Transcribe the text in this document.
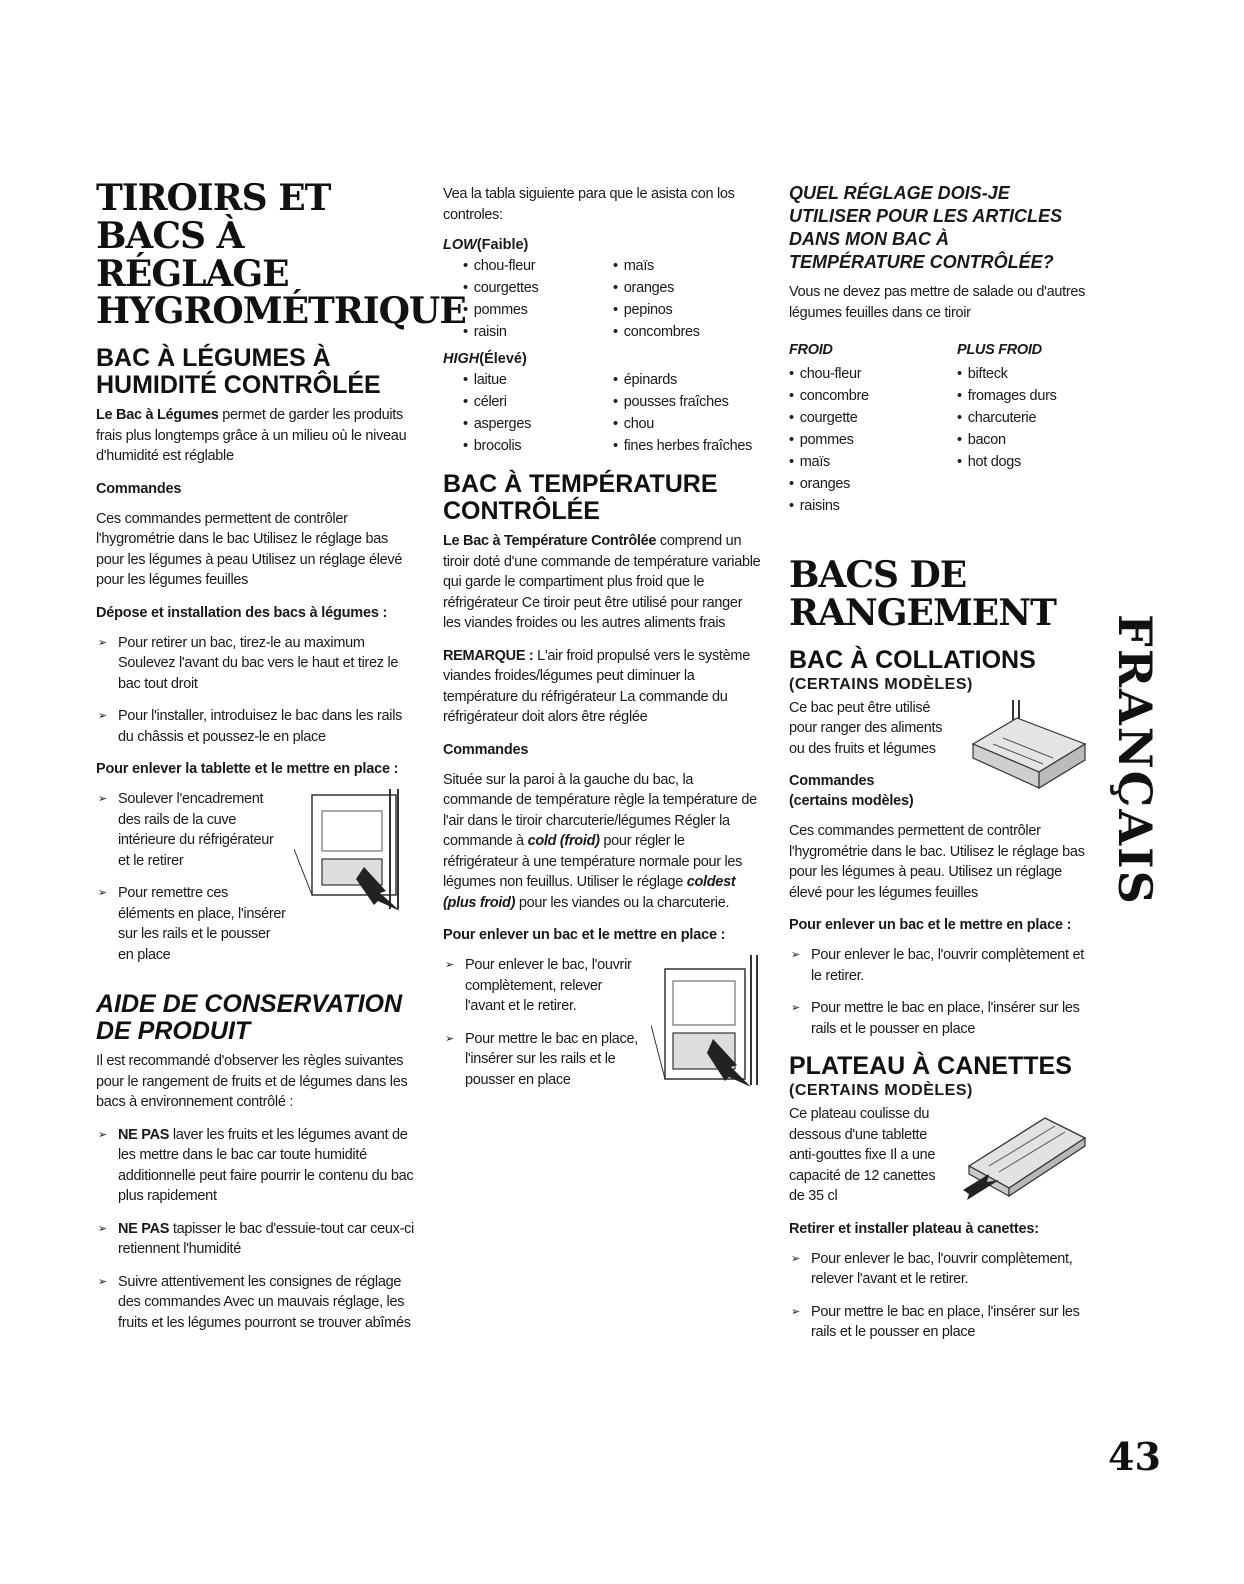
TIROIRS ET BACS À RÉGLAGE HYGROMÉTRIQUE
BAC À LÉGUMES À HUMIDITÉ CONTRÔLÉE

Le Bac à Légumes permet de garder les produits frais plus longtemps grâce à un milieu où le niveau d'humidité est réglable

Commandes

Ces commandes permettent de contrôler l'hygrométrie dans le bac Utilisez le réglage bas pour les légumes à peau Utilisez un réglage élevé pour les légumes feuilles

Dépose et installation des bacs à légumes :
➢ Pour retirer un bac, tirez-le au maximum Soulevez l'avant du bac vers le haut et tirez le bac tout droit
➢ Pour l'installer, introduisez le bac dans les rails du châssis et poussez-le en place
Pour enlever la tablette et le mettre en place :
➢ Soulever l'encadrement des rails de la cuve intérieure du réfrigérateur et le retirer
➢ Pour remettre ces éléments en place, l'insérer sur les rails et le pousser en place
AIDE DE CONSERVATION DE PRODUIT

Il est recommandé d'observer les règles suivantes pour le rangement de fruits et de légumes dans les bacs à environnement contrôlé :

➢ NE PAS laver les fruits et les légumes avant de les mettre dans le bac car toute humidité additionnelle peut faire pourrir le contenu du bac plus rapidement
➢ NE PAS tapisser le bac d'essuie-tout car ceux-ci retiennent l'humidité
➢ Suivre attentivement les consignes de réglage des commandes Avec un mauvais réglage, les fruits et les légumes pourront se trouver abîmés

Vea la tabla siguiente para que le asista con los controles:

LOW(Faible)
• chou-fleur	• maïs
• courgettes	• oranges
• pommes	• pepinos
• raisin	• concombres
HIGH(Élevé)
• laitue	• épinards
• céleri	• pousses fraîches
• asperges	• chou
• brocolis	• fines herbes fraîches
BAC À TEMPÉRATURE CONTRÔLÉE

Le Bac à Température Contrôlée comprend un tiroir doté d'une commande de température variable qui garde le compartiment plus froid que le réfrigérateur Ce tiroir peut être utilisé pour ranger les viandes froides ou les autres aliments frais

REMARQUE : L'air froid propulsé vers le système viandes froides/légumes peut diminuer la température du réfrigérateur La commande du réfrigérateur doit alors être réglée

Commandes

Située sur la paroi à la gauche du bac, la commande de température règle la température de l'air dans le tiroir charcuterie/légumes Régler la commande à cold (froid) pour régler le réfrigérateur à une température normale pour les légumes non feuillus. Utiliser le réglage coldest (plus froid) pour les viandes ou la charcuterie.

Pour enlever un bac et le mettre en place :
➢ Pour enlever le bac, l'ouvrir complètement, relever l'avant et le retirer.
➢ Pour mettre le bac en place, l'insérer sur les rails et le pousser en place
QUEL RÉGLAGE DOIS-JE UTILISER POUR LES ARTICLES DANS MON BAC À TEMPÉRATURE CONTRÔLÉE?

Vous ne devez pas mettre de salade ou d'autres légumes feuilles dans ce tiroir

FROID	PLUS FROID
• chou-fleur	• bifteck
• concombre	• fromages durs
• courgette	• charcuterie
• pommes	• bacon
• maïs	• hot dogs
• oranges
• raisins
BACS DE RANGEMENT
BAC À COLLATIONS
(CERTAINS MODÈLES)

Ce bac peut être utilisé pour ranger des aliments ou des fruits et légumes

Commandes
(certains modèles)

Ces commandes permettent de contrôler l'hygrométrie dans le bac. Utilisez le réglage bas pour les légumes à peau. Utilisez un réglage élevé pour les légumes feuilles

Pour enlever un bac et le mettre en place :
➢ Pour enlever le bac, l'ouvrir complètement et le retirer.
➢ Pour mettre le bac en place, l'insérer sur les rails et le pousser en place
PLATEAU À CANETTES
(CERTAINS MODÈLES)

Ce plateau coulisse du dessous d'une tablette anti-gouttes fixe Il a une capacité de 12 canettes de 35 cl

Retirer et installer plateau à canettes:
➢ Pour enlever le bac, l'ouvrir complètement, relever l'avant et le retirer.
➢ Pour mettre le bac en place, l'insérer sur les rails et le pousser en place
FRANÇAIS
43
